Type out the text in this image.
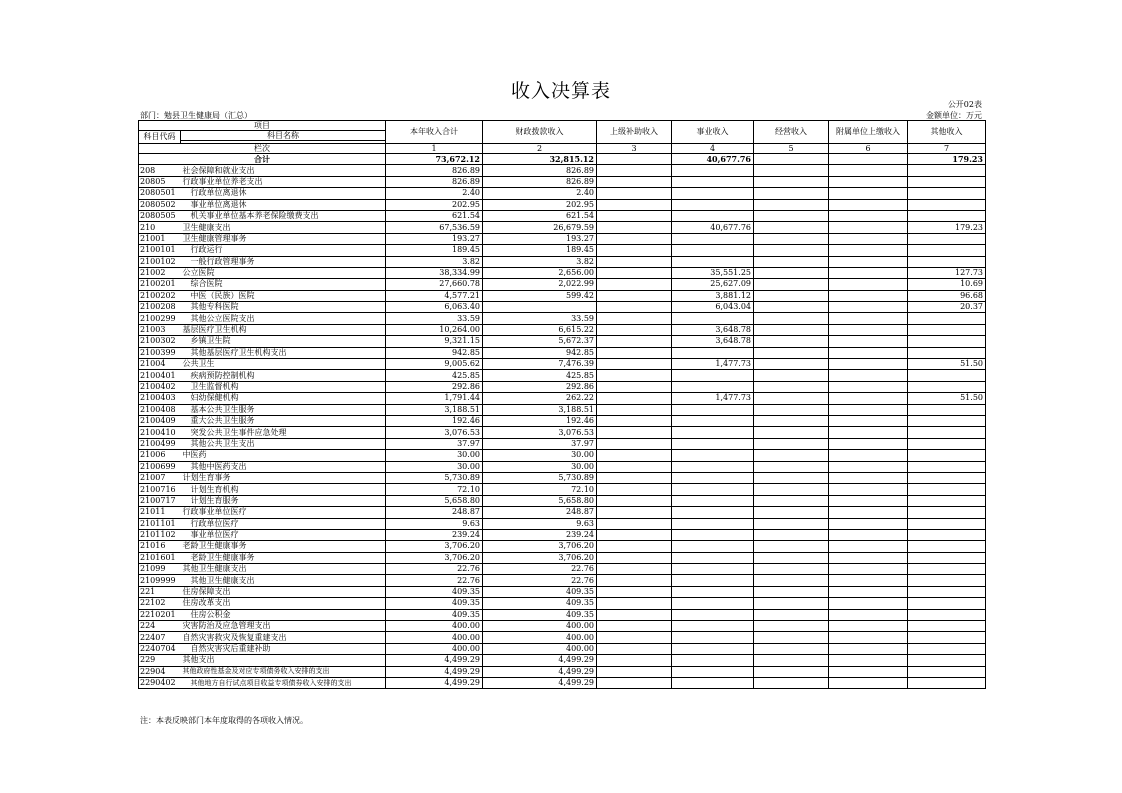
收入决算表
公开02表
部门：勉县卫生健康局（汇总）	金额单位：万元
项目		本年收入合计	财政拨款收入	上级补助收入	事业收入	经营收入	附属单位上缴收入	其他收入
科目代码	科目名称							

栏次		1	2	3	4	5	6	7
合计		73,672.12	32,815.12		40,677.76			179.23
208	社会保障和就业支出	826.89	826.89					
20805	行政事业单位养老支出	826.89	826.89					
2080501	行政单位离退休	2.40	2.40					
2080502	事业单位离退休	202.95	202.95					
2080505	机关事业单位基本养老保险缴费支出	621.54	621.54					
210	卫生健康支出	67,536.59	26,679.59		40,677.76			179.23
21001	卫生健康管理事务	193.27	193.27					
2100101	行政运行	189.45	189.45					
2100102	一般行政管理事务	3.82	3.82					
21002	公立医院	38,334.99	2,656.00		35,551.25			127.73
2100201	综合医院	27,660.78	2,022.99		25,627.09			10.69
2100202	中医（民族）医院	4,577.21	599.42		3,881.12			96.68
2100208	其他专科医院	6,063.40			6,043.04			20.37
2100299	其他公立医院支出	33.59	33.59					
21003	基层医疗卫生机构	10,264.00	6,615.22		3,648.78			
2100302	乡镇卫生院	9,321.15	5,672.37		3,648.78			
2100399	其他基层医疗卫生机构支出	942.85	942.85					
21004	公共卫生	9,005.62	7,476.39		1,477.73			51.50
2100401	疾病预防控制机构	425.85	425.85					
2100402	卫生监督机构	292.86	292.86					
2100403	妇幼保健机构	1,791.44	262.22		1,477.73			51.50
2100408	基本公共卫生服务	3,188.51	3,188.51					
2100409	重大公共卫生服务	192.46	192.46					
2100410	突发公共卫生事件应急处理	3,076.53	3,076.53					
2100499	其他公共卫生支出	37.97	37.97					
21006	中医药	30.00	30.00					
2100699	其他中医药支出	30.00	30.00					
21007	计划生育事务	5,730.89	5,730.89					
2100716	计划生育机构	72.10	72.10					
2100717	计划生育服务	5,658.80	5,658.80					
21011	行政事业单位医疗	248.87	248.87					
2101101	行政单位医疗	9.63	9.63					
2101102	事业单位医疗	239.24	239.24					
21016	老龄卫生健康事务	3,706.20	3,706.20					
2101601	老龄卫生健康事务	3,706.20	3,706.20					
21099	其他卫生健康支出	22.76	22.76					
2109999	其他卫生健康支出	22.76	22.76					
221	住房保障支出	409.35	409.35					
22102	住房改革支出	409.35	409.35					
2210201	住房公积金	409.35	409.35					
224	灾害防治及应急管理支出	400.00	400.00					
22407	自然灾害救灾及恢复重建支出	400.00	400.00					
2240704	自然灾害灾后重建补助	400.00	400.00					
229	其他支出	4,499.29	4,499.29					
22904	其他政府性基金及对应专项债务收入安排的支出	4,499.29	4,499.29					
2290402	其他地方自行试点项目收益专项债券收入安排的支出	4,499.29	4,499.29					
注：本表反映部门本年度取得的各项收入情况。
